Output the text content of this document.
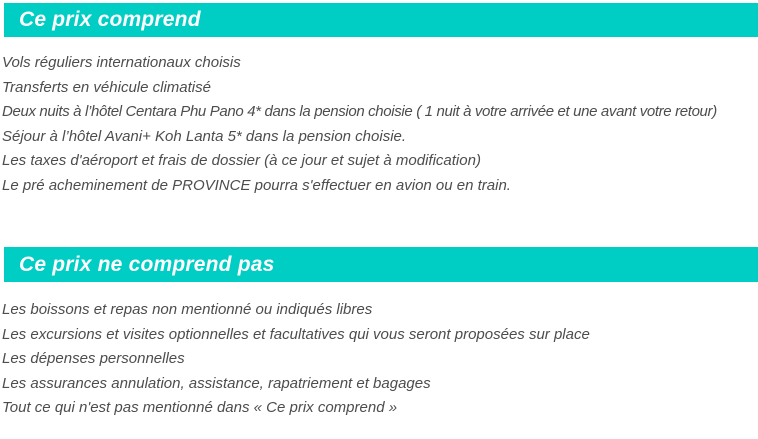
Ce prix comprend
Vols réguliers internationaux choisis
Transferts en véhicule climatisé
Deux nuits à l’hôtel Centara Phu Pano 4* dans la pension choisie ( 1 nuit à votre arrivée et une avant votre retour)
Séjour à l’hôtel Avani+ Koh Lanta 5* dans la pension choisie.
Les taxes d'aéroport et frais de dossier (à ce jour et sujet à modification)
Le pré acheminement de PROVINCE pourra s'effectuer en avion ou en train.
Ce prix ne comprend pas
Les boissons et repas non mentionné ou indiqués libres
Les excursions et visites optionnelles et facultatives qui vous seront proposées sur place
Les dépenses personnelles
Les assurances annulation, assistance, rapatriement et bagages
Tout ce qui n'est pas mentionné dans « Ce prix comprend »
